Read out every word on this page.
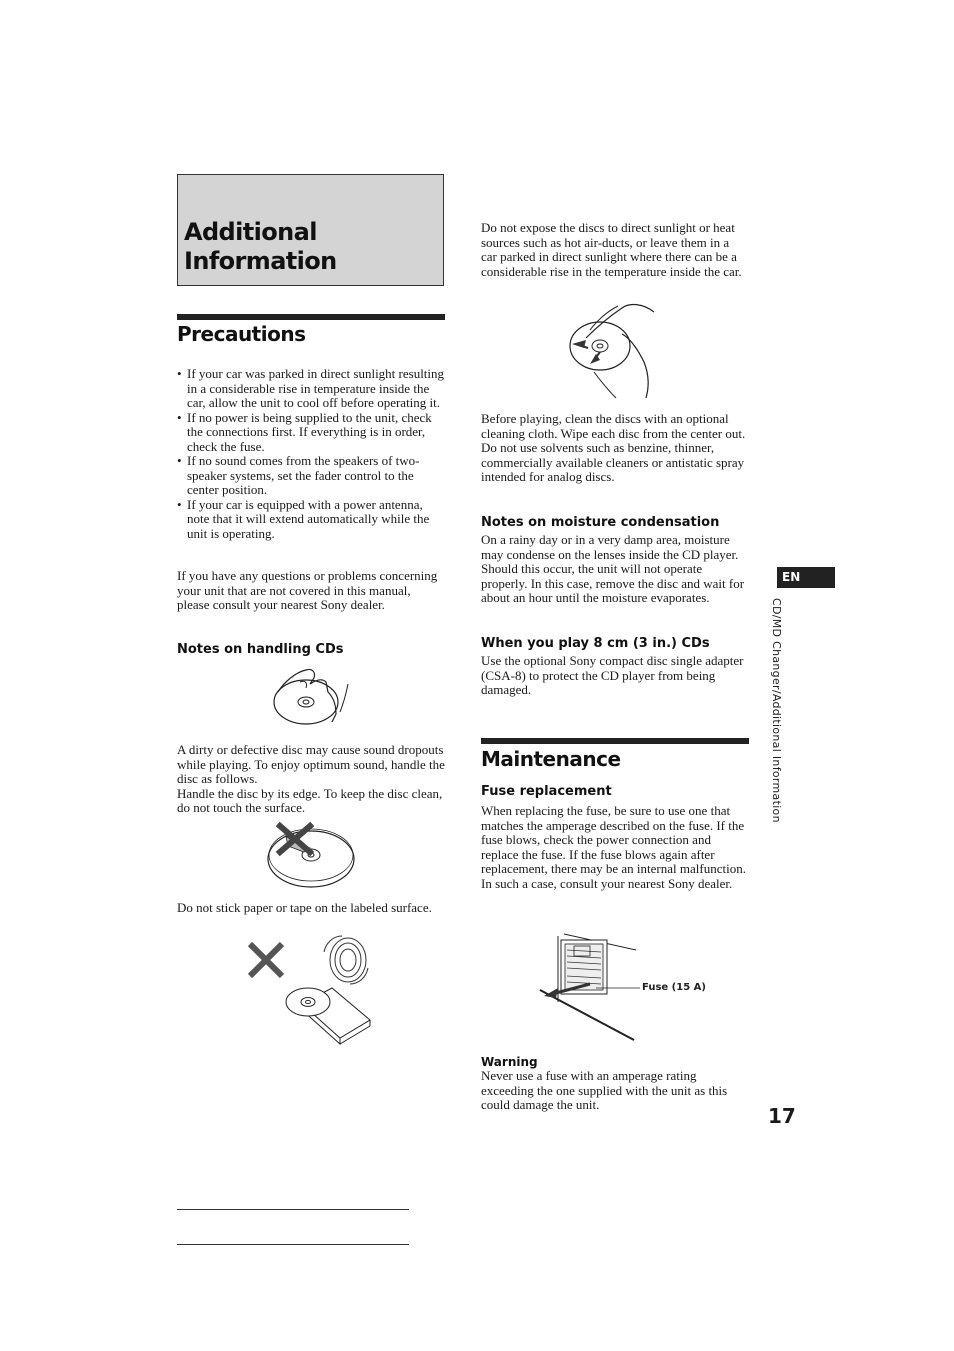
Additional
Information
Precautions
• If your car was parked in direct sunlight resulting in a considerable rise in temperature inside the car, allow the unit to cool off before operating it.
• If no power is being supplied to the unit, check the connections first. If everything is in order, check the fuse.
• If no sound comes from the speakers of two-speaker systems, set the fader control to the center position.
• If your car is equipped with a power antenna, note that it will extend automatically while the unit is operating.
If you have any questions or problems concerning your unit that are not covered in this manual, please consult your nearest Sony dealer.
Notes on handling CDs
A dirty or defective disc may cause sound dropouts while playing. To enjoy optimum sound, handle the disc as follows.
Handle the disc by its edge. To keep the disc clean, do not touch the surface.
Do not stick paper or tape on the labeled surface.
Do not expose the discs to direct sunlight or heat sources such as hot air-ducts, or leave them in a car parked in direct sunlight where there can be a considerable rise in the temperature inside the car.
Before playing, clean the discs with an optional cleaning cloth. Wipe each disc from the center out.
Do not use solvents such as benzine, thinner, commercially available cleaners or antistatic spray intended for analog discs.
Notes on moisture condensation
On a rainy day or in a very damp area, moisture may condense on the lenses inside the CD player. Should this occur, the unit will not operate properly. In this case, remove the disc and wait for about an hour until the moisture evaporates.
When you play 8 cm (3 in.) CDs
Use the optional Sony compact disc single adapter (CSA-8) to protect the CD player from being damaged.
Maintenance
Fuse replacement
When replacing the fuse, be sure to use one that matches the amperage described on the fuse. If the fuse blows, check the power connection and replace the fuse. If the fuse blows again after replacement, there may be an internal malfunction. In such a case, consult your nearest Sony dealer.
Fuse (15 A)
Warning
Never use a fuse with an amperage rating exceeding the one supplied with the unit as this could damage the unit.
EN
CD/MD Changer/Additional Information
17
